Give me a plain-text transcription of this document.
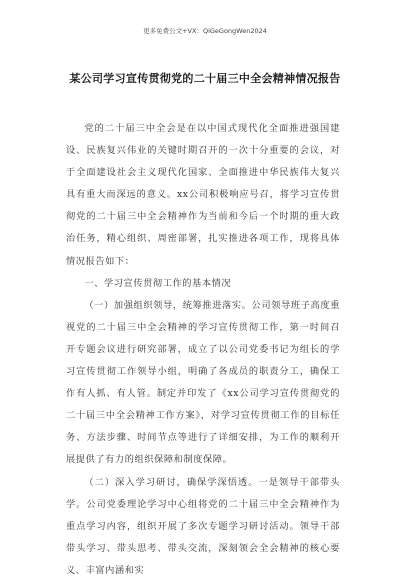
更多免费公文+VX：QiGeGongWen2024
某公司学习宣传贯彻党的二十届三中全会精神情况报告

党的二十届三中全会是在以中国式现代化全面推进强国建设、民族复兴伟业的关键时期召开的一次十分重要的会议，对于全面建设社会主义现代化国家、全面推进中华民族伟大复兴具有重大而深远的意义。xx公司积极响应号召，将学习宣传贯彻党的二十届三中全会精神作为当前和今后一个时期的重大政治任务，精心组织、周密部署，扎实推进各项工作，现将具体情况报告如下：

一、学习宣传贯彻工作的基本情况

（一）加强组织领导，统筹推进落实。公司领导班子高度重视党的二十届三中全会精神的学习宣传贯彻工作，第一时间召开专题会议进行研究部署，成立了以公司党委书记为组长的学习宣传贯彻工作领导小组，明确了各成员的职责分工，确保工作有人抓、有人管。制定并印发了《xx公司学习宣传贯彻党的二十届三中全会精神工作方案》，对学习宣传贯彻工作的目标任务、方法步骤、时间节点等进行了详细安排，为工作的顺利开展提供了有力的组织保障和制度保障。

（二）深入学习研讨，确保学深悟透。一是领导干部带头学。公司党委理论学习中心组将党的二十届三中全会精神作为重点学习内容，组织开展了多次专题学习研讨活动。领导干部带头学习、带头思考、带头交流，深刻领会全会精神的核心要义、丰富内涵和实
